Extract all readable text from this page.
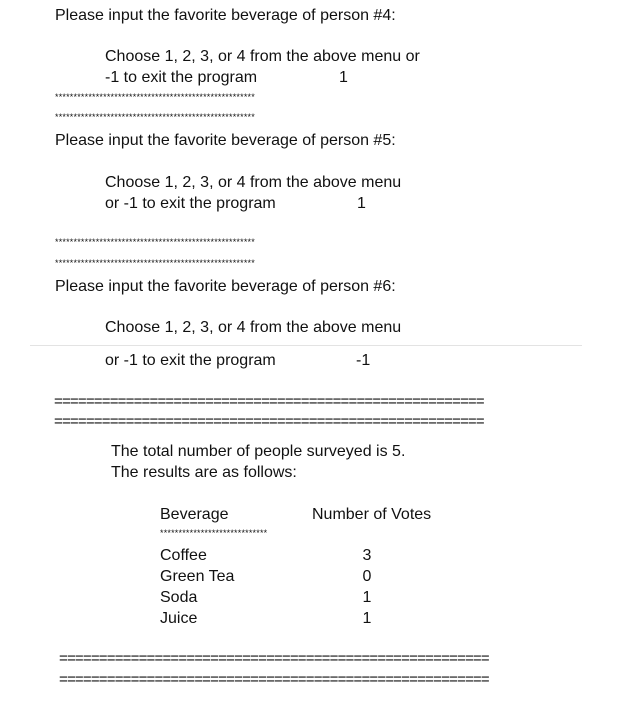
Please input the favorite beverage of person #4:
Choose 1, 2, 3, or 4 from the above menu or
-1 to exit the program	1
******************************************************
******************************************************
Please input the favorite beverage of person #5:
Choose 1, 2, 3, or 4 from the above menu
or -1 to exit the program	1
******************************************************
******************************************************
Please input the favorite beverage of person #6:
Choose 1, 2, 3, or 4 from the above menu
or -1 to exit the program	-1
======================================================
======================================================
The total number of people surveyed is 5.
The results are as follows:
Beverage	Number of Votes
*****************************
Coffee	3
Green Tea	0
Soda	1
Juice	1
======================================================
======================================================
